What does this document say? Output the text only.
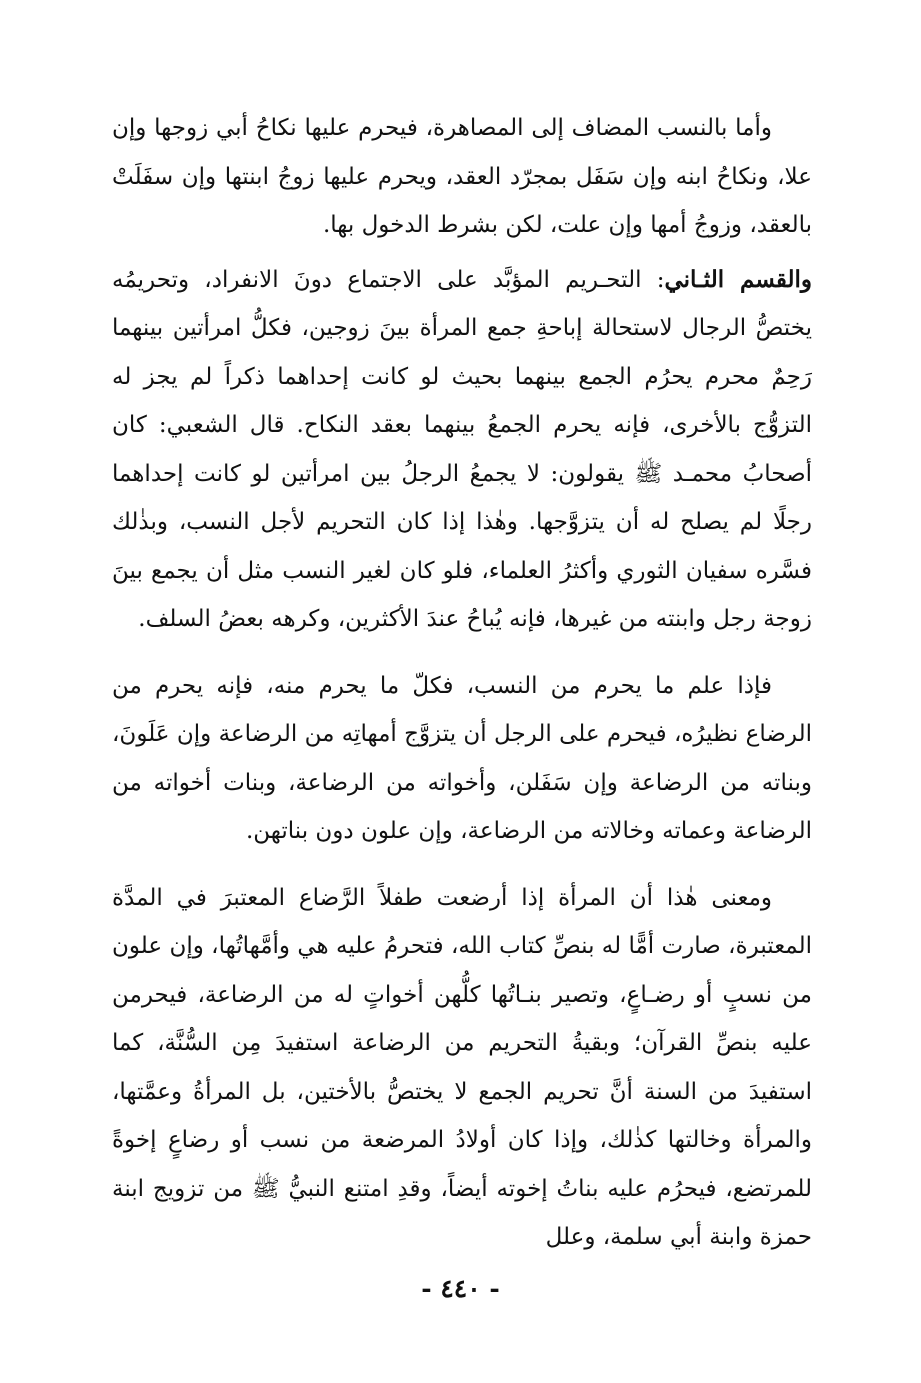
وأما بالنسب المضاف إلى المصاهرة، فيحرم عليها نكاحُ أبي زوجها وإن علا، ونكاحُ ابنه وإن سَفَل بمجرّد العقد، ويحرم عليها زوجُ ابنتها وإن سفَلَتْ بالعقد، وزوجُ أمها وإن علت، لكن بشرط الدخول بها.

والقسم الثـاني: التحـريم المؤبَّد على الاجتماع دونَ الانفراد، وتحريمُه يختصُّ الرجال لاستحالة إباحةِ جمع المرأة بينَ زوجين، فكلُّ امرأتين بينهما رَحِمٌ محرم يحرُم الجمع بينهما بحيث لو كانت إحداهما ذكراً لم يجز له التزوُّج بالأخرى، فإنه يحرم الجمعُ بينهما بعقد النكاح. قال الشعبي: كان أصحابُ محمـد ﷺ يقولون: لا يجمعُ الرجلُ بين امرأتين لو كانت إحداهما رجلًا لم يصلح له أن يتزوَّجها. وهٰذا إذا كان التحريم لأجل النسب، وبذٰلك فسَّره سفيان الثوري وأكثرُ العلماء، فلو كان لغير النسب مثل أن يجمع بينَ زوجة رجل وابنته من غيرها، فإنه يُباحُ عندَ الأكثرين، وكرهه بعضُ السلف.

فإذا علم ما يحرم من النسب، فكلّ ما يحرم منه، فإنه يحرم من الرضاع نظيرُه، فيحرم على الرجل أن يتزوَّج أمهاتِه من الرضاعة وإن عَلَونَ، وبناته من الرضاعة وإن سَفَلن، وأخواته من الرضاعة، وبنات أخواته من الرضاعة وعماته وخالاته من الرضاعة، وإن علون دون بناتهن.

ومعنى هٰذا أن المرأة إذا أرضعت طفلاً الرَّضاع المعتبرَ في المدَّة المعتبرة، صارت أمًّا له بنصِّ كتاب الله، فتحرمُ عليه هي وأمَّهاتُها، وإن علون من نسبٍ أو رضـاعٍ، وتصير بنـاتُها كلُّهن أخواتٍ له من الرضاعة، فيحرمن عليه بنصِّ القرآن؛ وبقيةُ التحريم من الرضاعة استفيدَ مِن السُّنَّة، كما استفيدَ من السنة أنَّ تحريم الجمع لا يختصُّ بالأختين، بل المرأةُ وعمَّتها، والمرأة وخالتها كذٰلك، وإذا كان أولادُ المرضعة من نسب أو رضاعٍ إخوةً للمرتضع، فيحرُم عليه بناتُ إخوته أيضاً، وقدِ امتنع النبيُّ ﷺ من تزويج ابنة حمزة وابنة أبي سلمة، وعلل

- ٤٤٠ -
